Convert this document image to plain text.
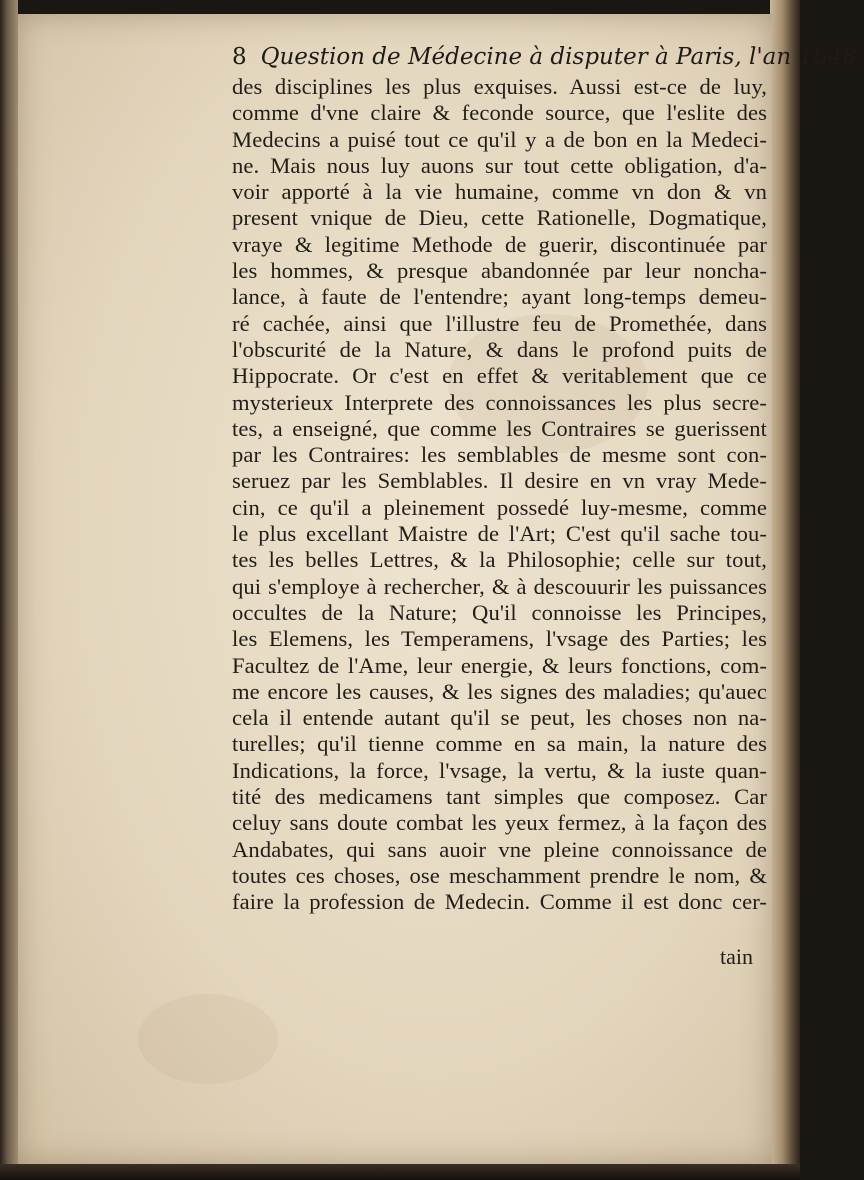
8 Question de Médecine à disputer à Paris, l'an 1648.
des disciplines les plus exquises. Aussi est-ce de luy,
comme d'vne claire & feconde source, que l'eslite des
Medecins a puisé tout ce qu'il y a de bon en la Medeci-
ne. Mais nous luy auons sur tout cette obligation, d'a-
voir apporté à la vie humaine, comme vn don & vn
present vnique de Dieu, cette Rationelle, Dogmatique,
vraye & legitime Methode de guerir, discontinuée par
les hommes, & presque abandonnée par leur noncha-
lance, à faute de l'entendre; ayant long-temps demeu-
ré cachée, ainsi que l'illustre feu de Promethée, dans
l'obscurité de la Nature, & dans le profond puits de
Hippocrate. Or c'est en effet & veritablement que ce
mysterieux Interprete des connoissances les plus secre-
tes, a enseigné, que comme les Contraires se guerissent
par les Contraires: les semblables de mesme sont con-
seruez par les Semblables. Il desire en vn vray Mede-
cin, ce qu'il a pleinement possedé luy-mesme, comme
le plus excellant Maistre de l'Art; C'est qu'il sache tou-
tes les belles Lettres, & la Philosophie; celle sur tout,
qui s'employe à rechercher, & à descouurir les puissances
occultes de la Nature; Qu'il connoisse les Principes,
les Elemens, les Temperamens, l'vsage des Parties; les
Facultez de l'Ame, leur energie, & leurs fonctions, com-
me encore les causes, & les signes des maladies; qu'auec
cela il entende autant qu'il se peut, les choses non na-
turelles; qu'il tienne comme en sa main, la nature des
Indications, la force, l'vsage, la vertu, & la iuste quan-
tité des medicamens tant simples que composez. Car
celuy sans doute combat les yeux fermez, à la façon des
Andabates, qui sans auoir vne pleine connoissance de
toutes ces choses, ose meschamment prendre le nom, &
faire la profession de Medecin. Comme il est donc cer-
tain
